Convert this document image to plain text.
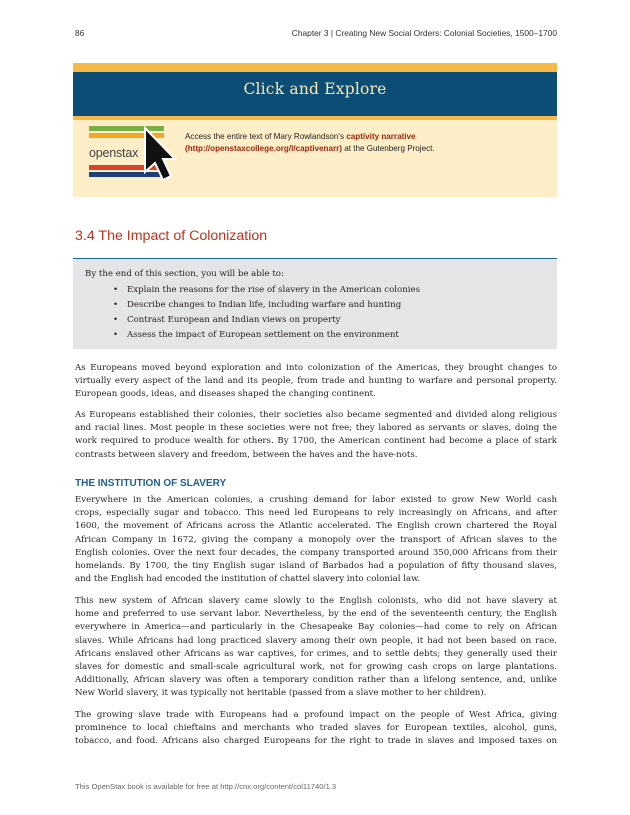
86	Chapter 3 | Creating New Social Orders: Colonial Societies, 1500–1700
Click and Explore
openstax
Access the entire text of Mary Rowlandson's captivity narrative
(http://openstaxcollege.org/l/captivenarr) at the Gutenberg Project.
3.4 The Impact of Colonization
By the end of this section, you will be able to:
• Explain the reasons for the rise of slavery in the American colonies
• Describe changes to Indian life, including warfare and hunting
• Contrast European and Indian views on property
• Assess the impact of European settlement on the environment
As Europeans moved beyond exploration and into colonization of the Americas, they brought changes to
virtually every aspect of the land and its people, from trade and hunting to warfare and personal property.
European goods, ideas, and diseases shaped the changing continent.
As Europeans established their colonies, their societies also became segmented and divided along religious
and racial lines. Most people in these societies were not free; they labored as servants or slaves, doing the
work required to produce wealth for others. By 1700, the American continent had become a place of stark
contrasts between slavery and freedom, between the haves and the have-nots.
THE INSTITUTION OF SLAVERY
Everywhere in the American colonies, a crushing demand for labor existed to grow New World cash
crops, especially sugar and tobacco. This need led Europeans to rely increasingly on Africans, and after
1600, the movement of Africans across the Atlantic accelerated. The English crown chartered the Royal
African Company in 1672, giving the company a monopoly over the transport of African slaves to the
English colonies. Over the next four decades, the company transported around 350,000 Africans from their
homelands. By 1700, the tiny English sugar island of Barbados had a population of fifty thousand slaves,
and the English had encoded the institution of chattel slavery into colonial law.
This new system of African slavery came slowly to the English colonists, who did not have slavery at
home and preferred to use servant labor. Nevertheless, by the end of the seventeenth century, the English
everywhere in America—and particularly in the Chesapeake Bay colonies—had come to rely on African
slaves. While Africans had long practiced slavery among their own people, it had not been based on race.
Africans enslaved other Africans as war captives, for crimes, and to settle debts; they generally used their
slaves for domestic and small-scale agricultural work, not for growing cash crops on large plantations.
Additionally, African slavery was often a temporary condition rather than a lifelong sentence, and, unlike
New World slavery, it was typically not heritable (passed from a slave mother to her children).
The growing slave trade with Europeans had a profound impact on the people of West Africa, giving
prominence to local chieftains and merchants who traded slaves for European textiles, alcohol, guns,
tobacco, and food. Africans also charged Europeans for the right to trade in slaves and imposed taxes on
This OpenStax book is available for free at http://cnx.org/content/col11740/1.3
